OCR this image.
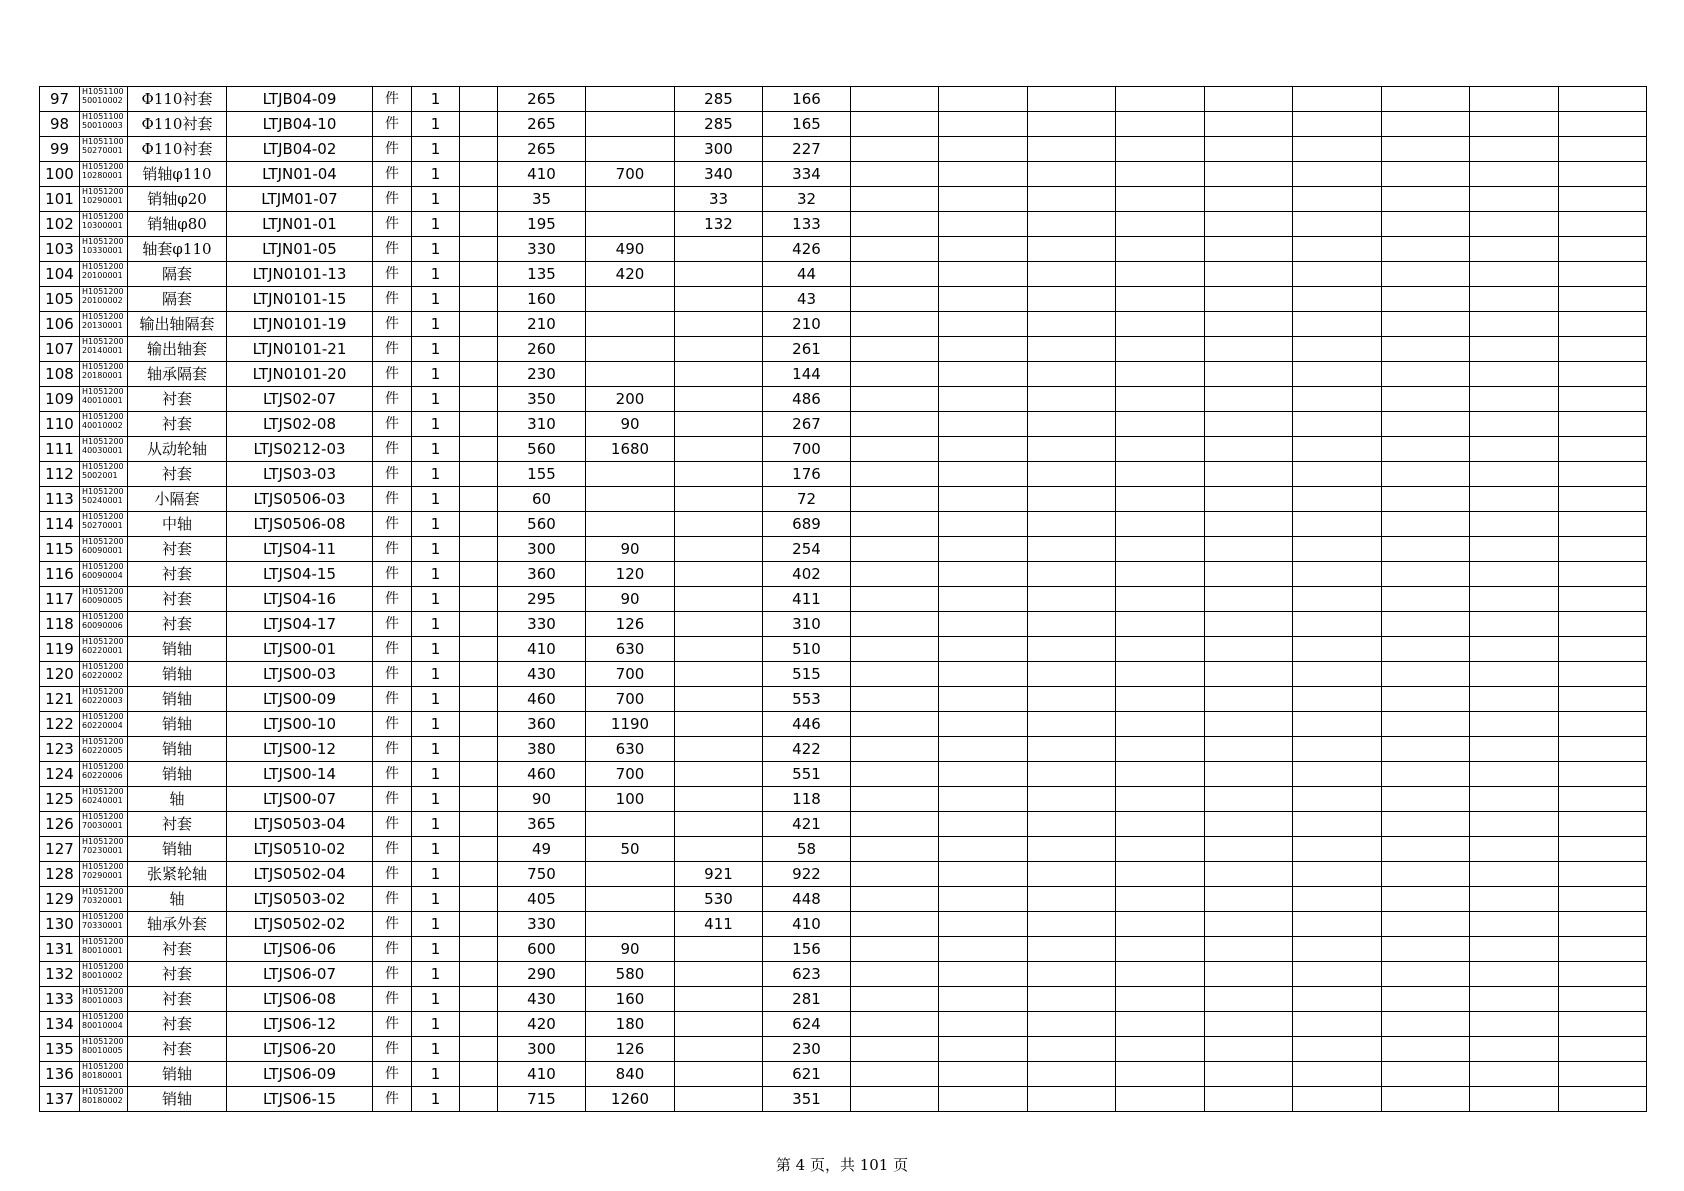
97	H1051100 50010002	Φ110衬套	LTJB04-09	件	1		265		285	166									
98	H1051100 50010003	Φ110衬套	LTJB04-10	件	1		265		285	165									
99	H1051100 50270001	Φ110衬套	LTJB04-02	件	1		265		300	227									
100	H1051200 10280001	销轴φ110	LTJN01-04	件	1		410	700	340	334									
101	H1051200 10290001	销轴φ20	LTJM01-07	件	1		35		33	32									
102	H1051200 10300001	销轴φ80	LTJN01-01	件	1		195		132	133									
103	H1051200 10330001	轴套φ110	LTJN01-05	件	1		330	490		426									
104	H1051200 20100001	隔套	LTJN0101-13	件	1		135	420		44									
105	H1051200 20100002	隔套	LTJN0101-15	件	1		160			43									
106	H1051200 20130001	输出轴隔套	LTJN0101-19	件	1		210			210									
107	H1051200 20140001	输出轴套	LTJN0101-21	件	1		260			261									
108	H1051200 20180001	轴承隔套	LTJN0101-20	件	1		230			144									
109	H1051200 40010001	衬套	LTJS02-07	件	1		350	200		486									
110	H1051200 40010002	衬套	LTJS02-08	件	1		310	90		267									
111	H1051200 40030001	从动轮轴	LTJS0212-03	件	1		560	1680		700									
112	H1051200 5002001	衬套	LTJS03-03	件	1		155			176									
113	H1051200 50240001	小隔套	LTJS0506-03	件	1		60			72									
114	H1051200 50270001	中轴	LTJS0506-08	件	1		560			689									
115	H1051200 60090001	衬套	LTJS04-11	件	1		300	90		254									
116	H1051200 60090004	衬套	LTJS04-15	件	1		360	120		402									
117	H1051200 60090005	衬套	LTJS04-16	件	1		295	90		411									
118	H1051200 60090006	衬套	LTJS04-17	件	1		330	126		310									
119	H1051200 60220001	销轴	LTJS00-01	件	1		410	630		510									
120	H1051200 60220002	销轴	LTJS00-03	件	1		430	700		515									
121	H1051200 60220003	销轴	LTJS00-09	件	1		460	700		553									
122	H1051200 60220004	销轴	LTJS00-10	件	1		360	1190		446									
123	H1051200 60220005	销轴	LTJS00-12	件	1		380	630		422									
124	H1051200 60220006	销轴	LTJS00-14	件	1		460	700		551									
125	H1051200 60240001	轴	LTJS00-07	件	1		90	100		118									
126	H1051200 70030001	衬套	LTJS0503-04	件	1		365			421									
127	H1051200 70230001	销轴	LTJS0510-02	件	1		49	50		58									
128	H1051200 70290001	张紧轮轴	LTJS0502-04	件	1		750		921	922									
129	H1051200 70320001	轴	LTJS0503-02	件	1		405		530	448									
130	H1051200 70330001	轴承外套	LTJS0502-02	件	1		330		411	410									
131	H1051200 80010001	衬套	LTJS06-06	件	1		600	90		156									
132	H1051200 80010002	衬套	LTJS06-07	件	1		290	580		623									
133	H1051200 80010003	衬套	LTJS06-08	件	1		430	160		281									
134	H1051200 80010004	衬套	LTJS06-12	件	1		420	180		624									
135	H1051200 80010005	衬套	LTJS06-20	件	1		300	126		230									
136	H1051200 80180001	销轴	LTJS06-09	件	1		410	840		621									
137	H1051200 80180002	销轴	LTJS06-15	件	1		715	1260		351									
第 4 页，共 101 页
